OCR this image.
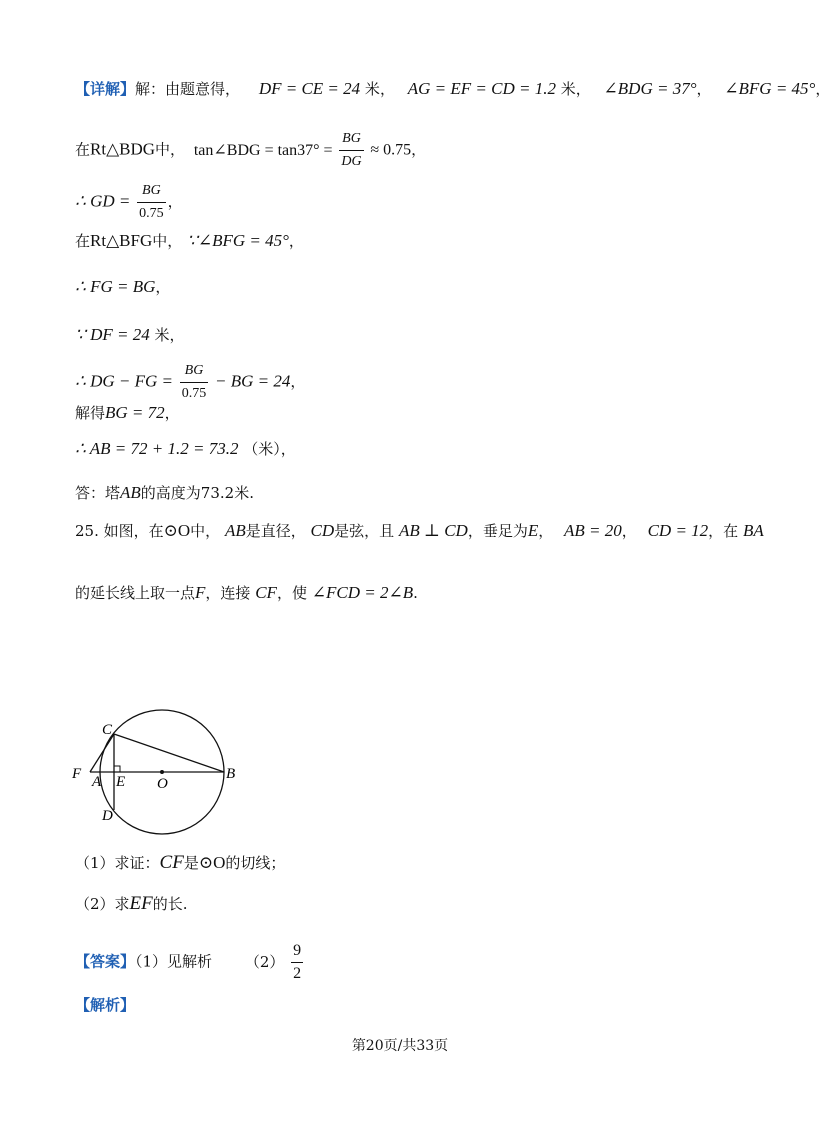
【详解】解：由题意得， DF = CE = 24 米， AG = EF = CD = 1.2 米， ∠BDG = 37°， ∠BFG = 45°，
在Rt△BDG中， tan∠BDG = $\tan 37^\circ = \frac{BG}{DG} \approx 0.75$，
∴ GD = $\frac{BG}{0.75}$ ，
在Rt△BFG中， ∵∠BFG = 45°，
∴ FG = BG，
∵ DF = 24 米，
∴ DG − FG = $\frac{BG}{0.75}$ − BG = 24，
解得BG = 72，
∴ AB = 72 + 1.2 = 73.2 （米），
答：塔AB的高度为73.2米.
25. 如图，在⊙O中， AB是直径， CD是弦，且 AB ⊥ CD，垂足为E， AB = 20， CD = 12，在 BA
的延长线上取一点F，连接 CF，使 ∠FCD = 2∠B.
C
F A E O
B
D
（1）求证：CF是⊙O的切线；
（2）求EF的长.
【答案】（1）见解析 $(2) \frac{9}{2}$
【解析】
第20页/共33页
